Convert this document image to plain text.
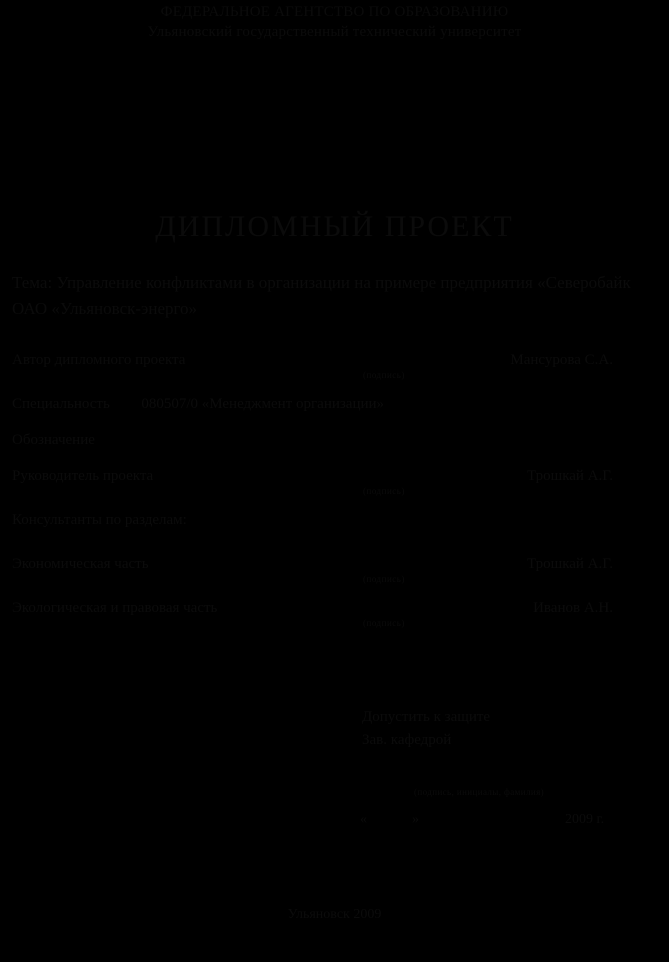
ФЕДЕРАЛЬНОЕ АГЕНТСТВО ПО ОБРАЗОВАНИЮ
Ульяновский государственный технический университет
ДИПЛОМНЫЙ ПРОЕКТ
Тема: Управление конфликтами в организации на примере предприятия «Северобайк ОАО «Ульяновск-энерго»
Автор дипломного проекта
(подпись)
Мансурова С.А.
Специальность 080507/0 «Менеджмент организации»
Обозначение
Руководитель проекта
(подпись)
Трошкай А.Г.
Консультанты по разделам:
Экономическая часть
(подпись)
Трошкай А.Г.
Экологическая и правовая часть
(подпись)
Иванов А.Н.
Допустить к защите
Зав. кафедрой
(подпись, инициалы, фамилия)
«	»	2009 г.
Ульяновск 2009
